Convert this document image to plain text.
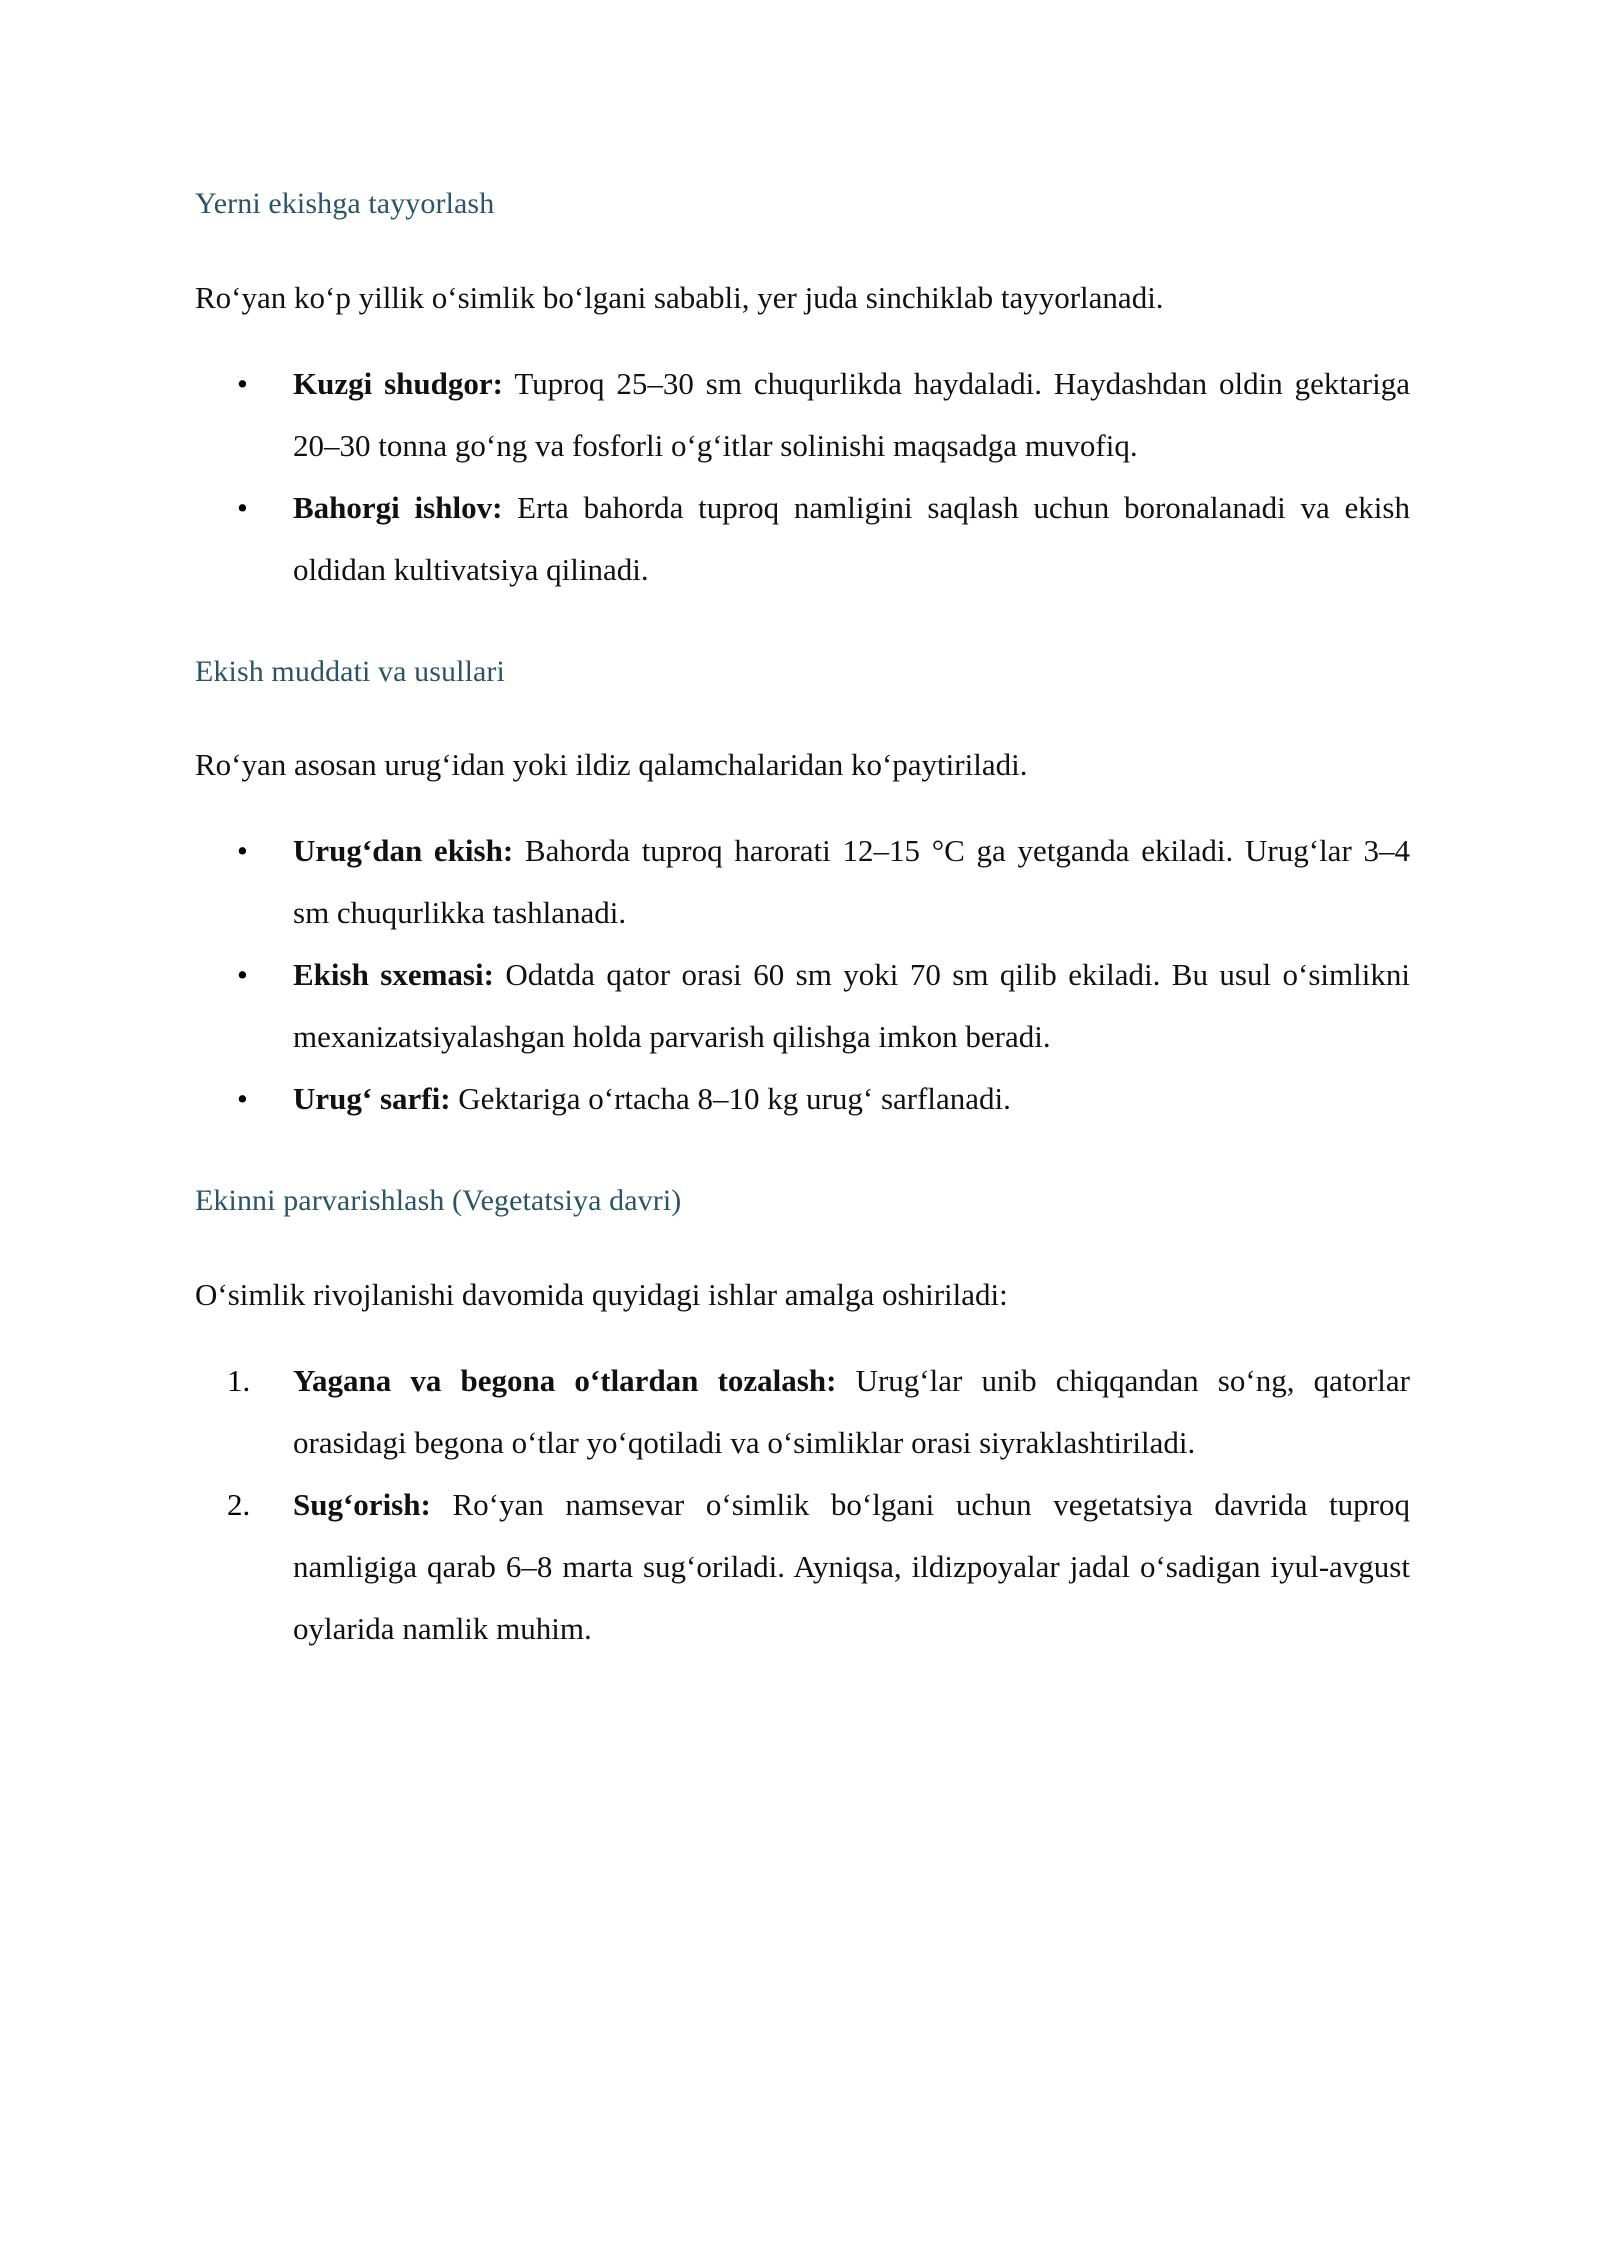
Yerni ekishga tayyorlash

Ro‘yan ko‘p yillik o‘simlik bo‘lgani sababli, yer juda sinchiklab tayyorlanadi.

• Kuzgi shudgor: Tuproq 25–30 sm chuqurlikda haydaladi. Haydashdan oldin gektariga 20–30 tonna go‘ng va fosforli o‘g‘itlar solinishi maqsadga muvofiq.
• Bahorgi ishlov: Erta bahorda tuproq namligini saqlash uchun boronalanadi va ekish oldidan kultivatsiya qilinadi.
Ekish muddati va usullari

Ro‘yan asosan urug‘idan yoki ildiz qalamchalaridan ko‘paytiriladi.

• Urug‘dan ekish: Bahorda tuproq harorati 12–15 °C ga yetganda ekiladi. Urug‘lar 3–4 sm chuqurlikka tashlanadi.
• Ekish sxemasi: Odatda qator orasi 60 sm yoki 70 sm qilib ekiladi. Bu usul o‘simlikni mexanizatsiyalashgan holda parvarish qilishga imkon beradi.
• Urug‘ sarfi: Gektariga o‘rtacha 8–10 kg urug‘ sarflanadi.
Ekinni parvarishlash (Vegetatsiya davri)

O‘simlik rivojlanishi davomida quyidagi ishlar amalga oshiriladi:

1.	Yagana va begona o‘tlardan tozalash: Urug‘lar unib chiqqandan so‘ng, qatorlar orasidagi begona o‘tlar yo‘qotiladi va o‘simliklar orasi siyraklashtiriladi.
2.	Sug‘orish: Ro‘yan namsevar o‘simlik bo‘lgani uchun vegetatsiya davrida tuproq namligiga qarab 6–8 marta sug‘oriladi. Ayniqsa, ildizpoyalar jadal o‘sadigan iyul-avgust oylarida namlik muhim.
